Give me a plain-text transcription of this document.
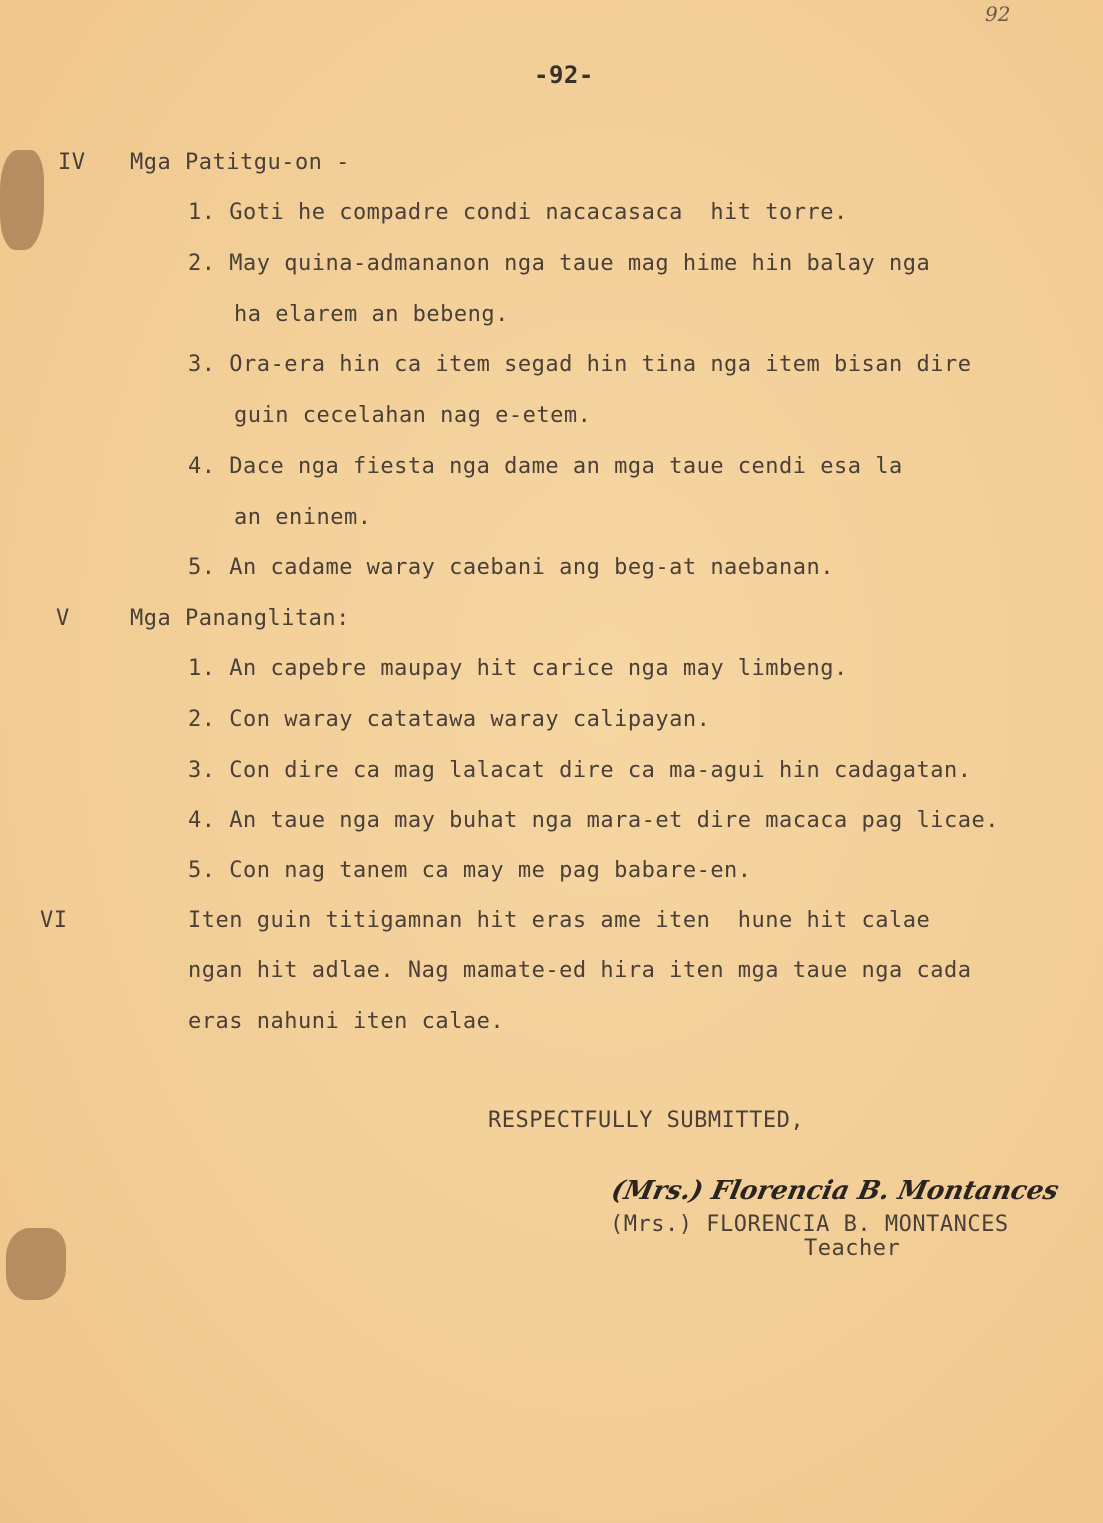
92
-92-
IV Mga Patitgu-on -
1. Goti he compadre condi nacacasaca  hit torre.
2. May quina-admananon nga taue mag hime hin balay nga
ha elarem an bebeng.
3. Ora-era hin ca item segad hin tina nga item bisan dire
guin cecelahan nag e-etem.
4. Dace nga fiesta nga dame an mga taue cendi esa la
an eninem.
5. An cadame waray caebani ang beg-at naebanan.
V	Mga Pananglitan:
1. An capebre maupay hit carice nga may limbeng.
2. Con waray catatawa waray calipayan.
3. Con dire ca mag lalacat dire ca ma-agui hin cadagatan.
4. An taue nga may buhat nga mara-et dire macaca pag licae.
5. Con nag tanem ca may me pag babare-en.
VI	Iten guin titigamnan hit eras ame iten  hune hit calae
ngan hit adlae. Nag mamate-ed hira iten mga taue nga cada
eras nahuni iten calae.
RESPECTFULLY SUBMITTED,
(Mrs.) Florencia B. Montances
(Mrs.) FLORENCIA B. MONTANCES
Teacher
